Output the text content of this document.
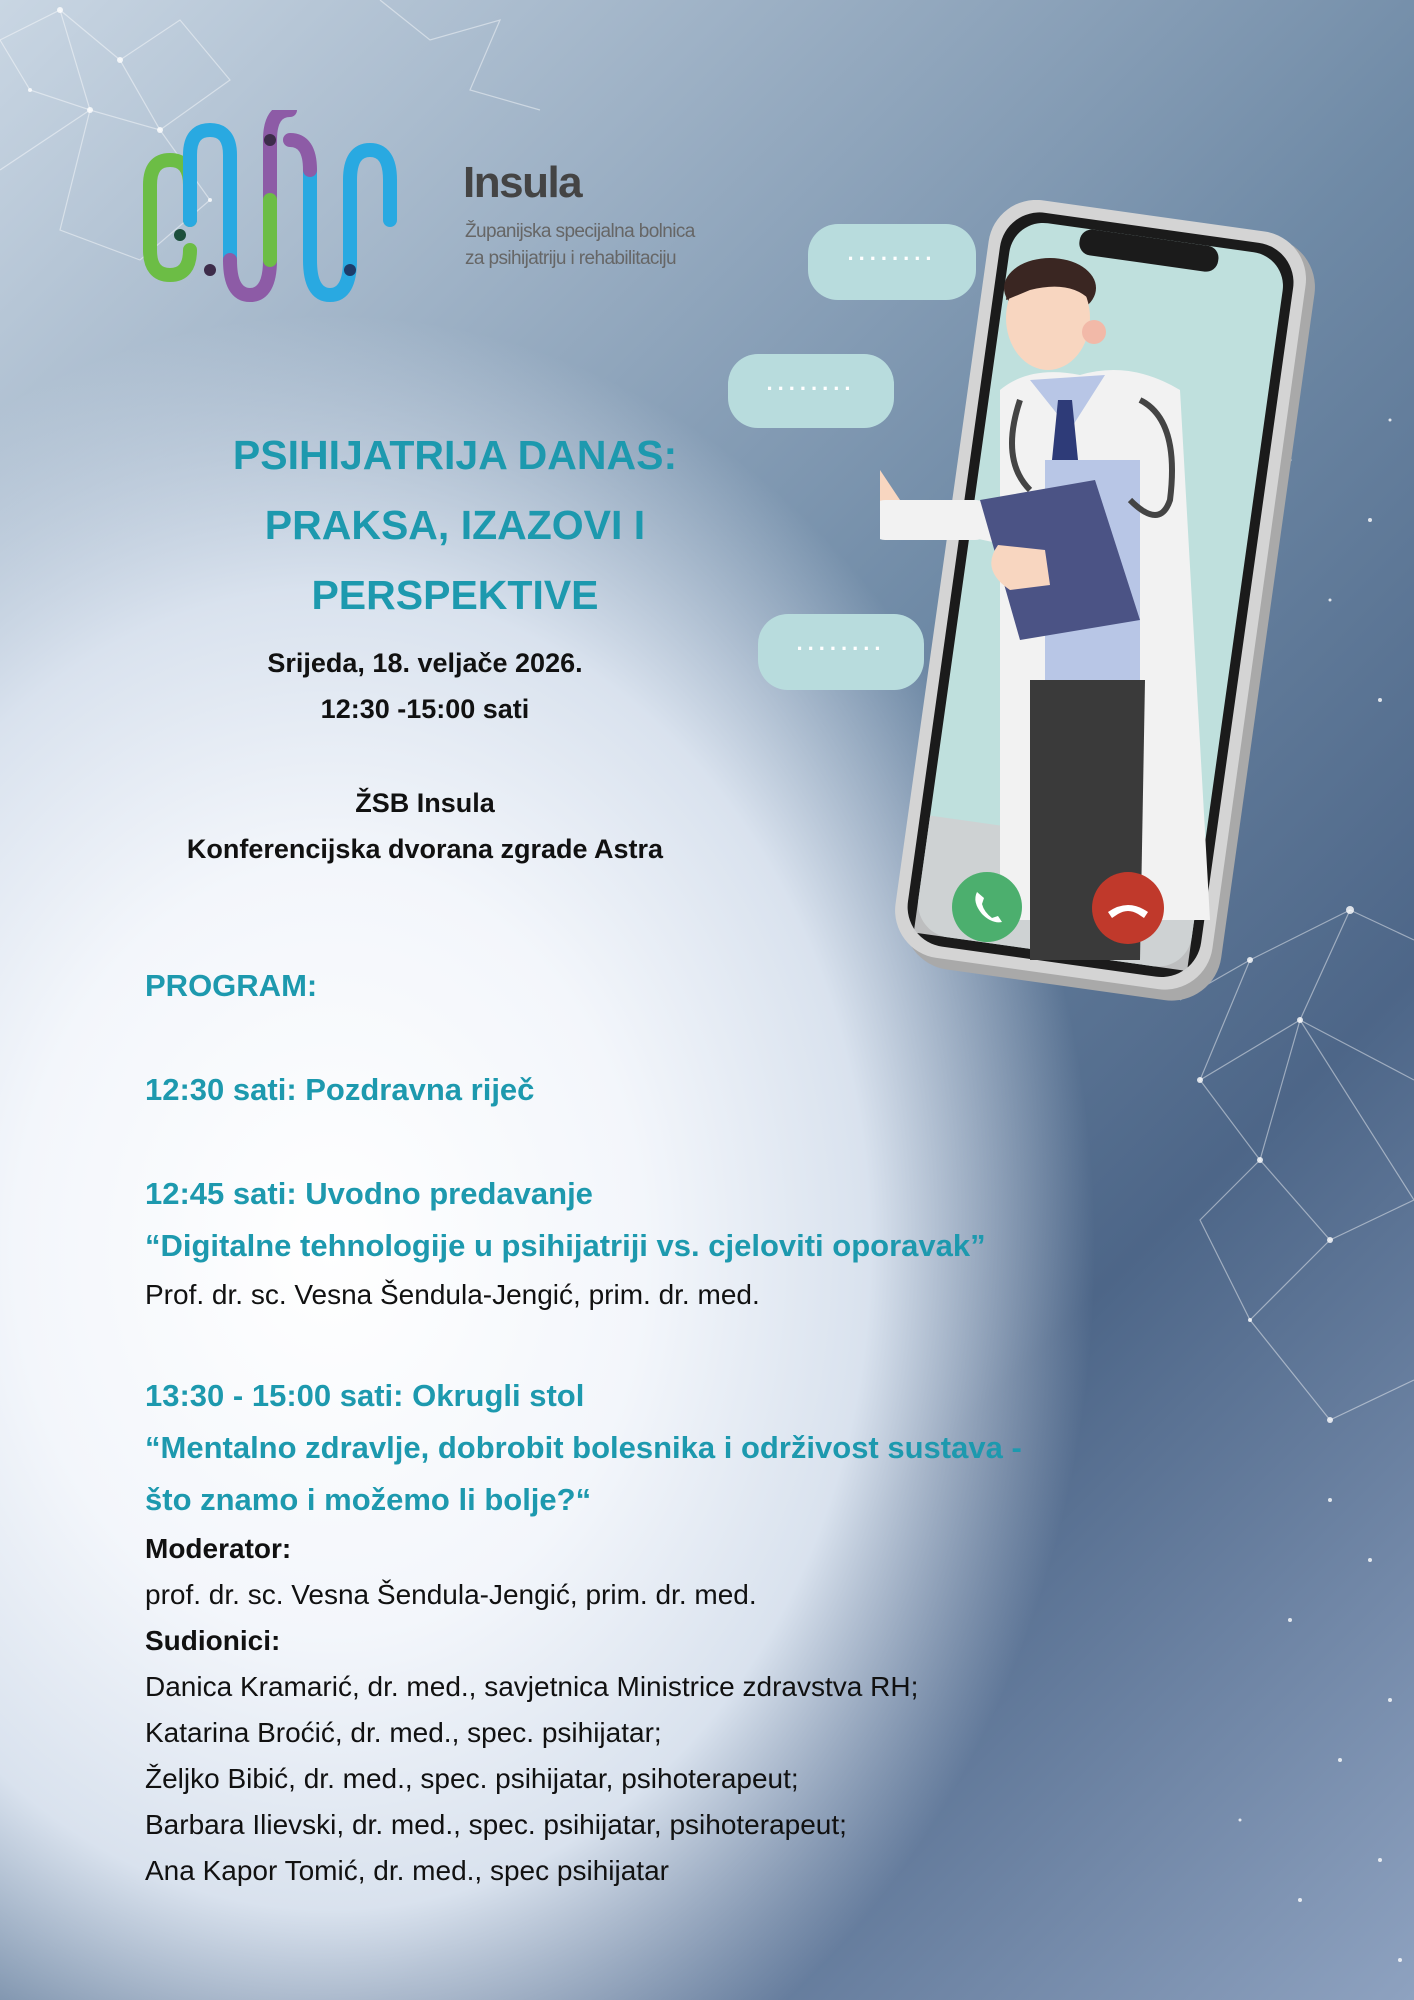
Insula
Županijska specijalna bolnica
za psihijatriju i rehabilitaciju
PSIHIJATRIJA DANAS:
PRAKSA, IZAZOVI I
PERSPEKTIVE
Srijeda, 18. veljače 2026.
12:30 -15:00 sati
ŽSB Insula
Konferencijska dvorana zgrade Astra
........
........
........
PROGRAM:
12:30 sati: Pozdravna riječ
12:45 sati: Uvodno predavanje
“Digitalne tehnologije u psihijatriji vs. cjeloviti oporavak”
Prof. dr. sc. Vesna Šendula-Jengić, prim. dr. med.
13:30 - 15:00 sati: Okrugli stol
“Mentalno zdravlje, dobrobit bolesnika i održivost sustava -
što znamo i možemo li bolje?“
Moderator:
prof. dr. sc. Vesna Šendula-Jengić, prim. dr. med.
Sudionici:
Danica Kramarić, dr. med., savjetnica Ministrice zdravstva RH;
Katarina Broćić, dr. med., spec. psihijatar;
Željko Bibić, dr. med., spec. psihijatar, psihoterapeut;
Barbara Ilievski, dr. med., spec. psihijatar, psihoterapeut;
Ana Kapor Tomić, dr. med., spec psihijatar
